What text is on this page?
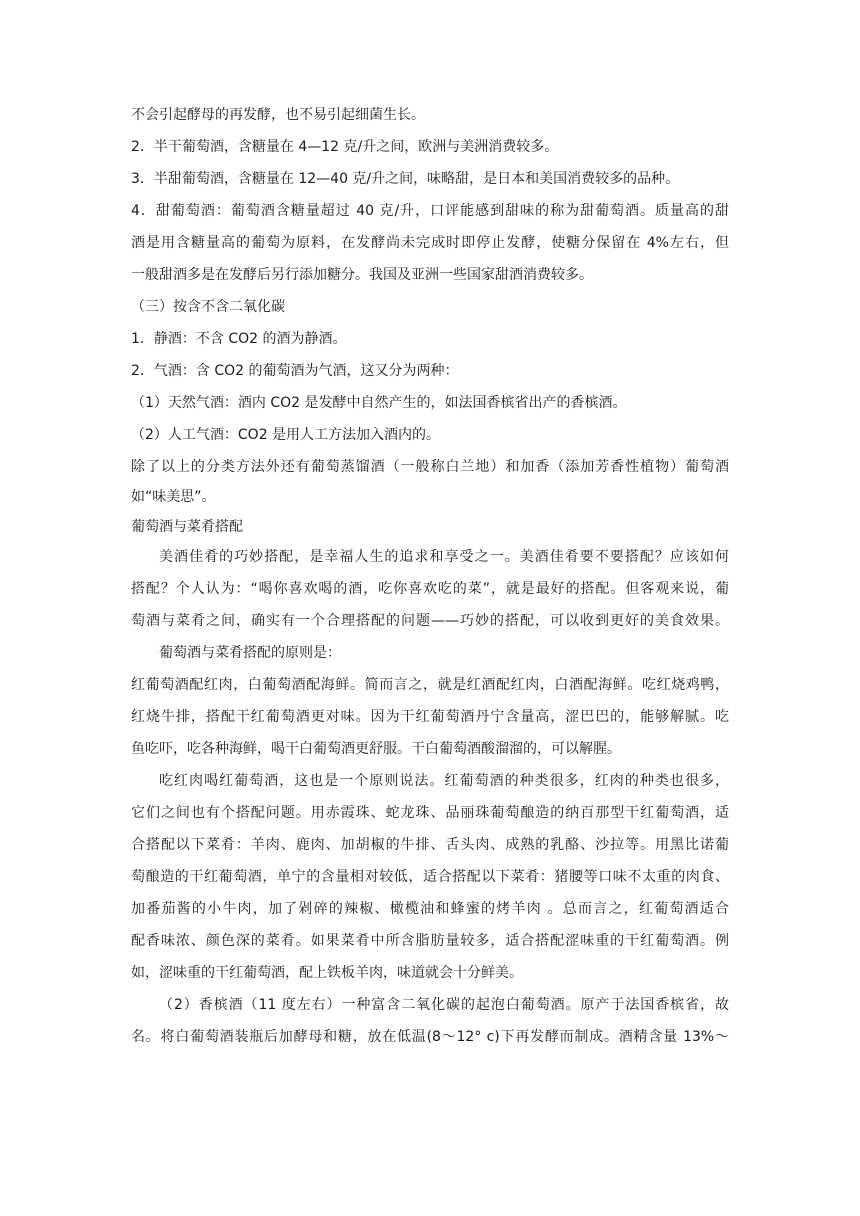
不会引起酵母的再发酵，也不易引起细菌生长。
2．半干葡萄酒，含糖量在 4—12 克/升之间，欧洲与美洲消费较多。
3．半甜葡萄酒，含糖量在 12—40 克/升之间，味略甜，是日本和美国消费较多的品种。
4．甜葡萄酒：葡萄酒含糖量超过 40 克/升，口评能感到甜味的称为甜葡萄酒。质量高的甜
酒是用含糖量高的葡萄为原料，在发酵尚未完成时即停止发酵，使糖分保留在 4%左右，但
一般甜酒多是在发酵后另行添加糖分。我国及亚洲一些国家甜酒消费较多。
（三）按含不含二氧化碳
1．静酒：不含 CO2 的酒为静酒。
2．气酒：含 CO2 的葡萄酒为气酒，这又分为两种：
（1）天然气酒：酒内 CO2 是发酵中自然产生的，如法国香槟省出产的香槟酒。
（2）人工气酒：CO2 是用人工方法加入酒内的。
除了以上的分类方法外还有葡萄蒸馏酒（一般称白兰地）和加香（添加芳香性植物）葡萄酒
如“味美思”。
葡萄酒与菜肴搭配
美酒佳肴的巧妙搭配，是幸福人生的追求和享受之一。美酒佳肴要不要搭配？应该如何
搭配？个人认为：“喝你喜欢喝的酒，吃你喜欢吃的菜”，就是最好的搭配。但客观来说，葡
萄酒与菜肴之间，确实有一个合理搭配的问题——巧妙的搭配，可以收到更好的美食效果。
葡萄酒与菜肴搭配的原则是：
红葡萄酒配红肉，白葡萄酒配海鲜。简而言之，就是红酒配红肉，白酒配海鲜。吃红烧鸡鸭，
红烧牛排，搭配干红葡萄酒更对味。因为干红葡萄酒丹宁含量高，涩巴巴的，能够解腻。吃
鱼吃吓，吃各种海鲜，喝干白葡萄酒更舒服。干白葡萄酒酸溜溜的，可以解腥。
吃红肉喝红葡萄酒，这也是一个原则说法。红葡萄酒的种类很多，红肉的种类也很多，
它们之间也有个搭配问题。用赤霞珠、蛇龙珠、品丽珠葡萄酿造的纳百那型干红葡萄酒，适
合搭配以下菜肴：羊肉、鹿肉、加胡椒的牛排、舌头肉、成熟的乳酪、沙拉等。用黑比诺葡
萄酿造的干红葡萄酒，单宁的含量相对较低，适合搭配以下菜肴：猪腰等口味不太重的肉食、
加番茄酱的小牛肉，加了剁碎的辣椒、橄榄油和蜂蜜的烤羊肉 。总而言之，红葡萄酒适合
配香味浓、颜色深的菜肴。如果菜肴中所含脂肪量较多，适合搭配涩味重的干红葡萄酒。例
如，涩味重的干红葡萄酒，配上铁板羊肉，味道就会十分鲜美。
（2）香槟酒（11 度左右）一种富含二氧化碳的起泡白葡萄酒。原产于法国香槟省，故
名。将白葡萄酒装瓶后加酵母和糖，放在低温(8～12° c)下再发酵而制成。酒精含量 13%～
